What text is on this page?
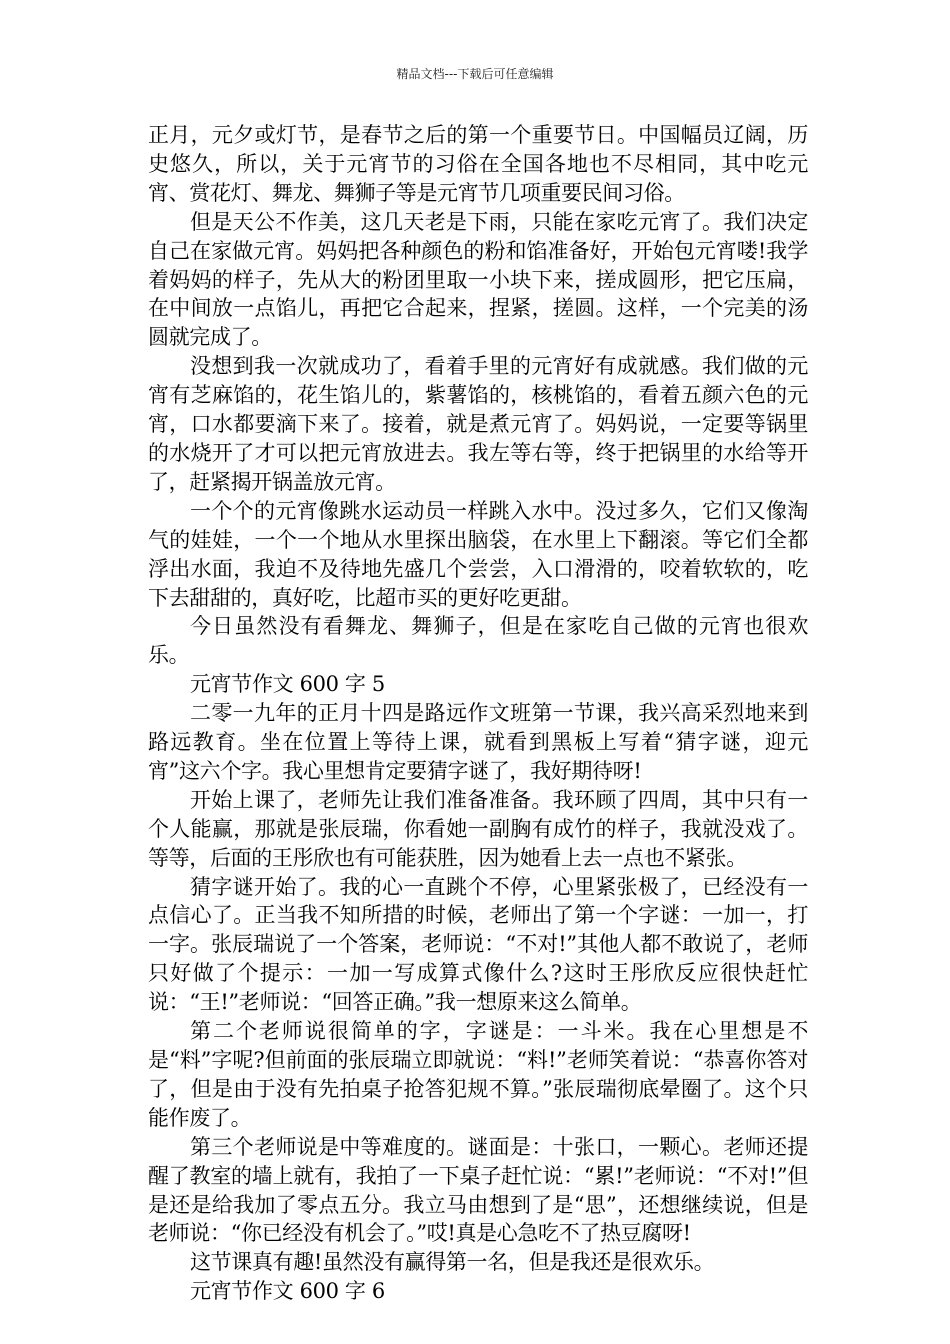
精品文档---下载后可任意编辑

正月，元夕或灯节，是春节之后的第一个重要节日。中国幅员辽阔，历史悠久，所以，关于元宵节的习俗在全国各地也不尽相同，其中吃元宵、赏花灯、舞龙、舞狮子等是元宵节几项重要民间习俗。

但是天公不作美，这几天老是下雨，只能在家吃元宵了。我们决定自己在家做元宵。妈妈把各种颜色的粉和馅准备好，开始包元宵喽!我学着妈妈的样子，先从大的粉团里取一小块下来，搓成圆形，把它压扁，在中间放一点馅儿，再把它合起来，捏紧，搓圆。这样，一个完美的汤圆就完成了。

没想到我一次就成功了，看着手里的元宵好有成就感。我们做的元宵有芝麻馅的，花生馅儿的，紫薯馅的，核桃馅的，看着五颜六色的元宵，口水都要滴下来了。接着，就是煮元宵了。妈妈说，一定要等锅里的水烧开了才可以把元宵放进去。我左等右等，终于把锅里的水给等开了，赶紧揭开锅盖放元宵。

一个个的元宵像跳水运动员一样跳入水中。没过多久，它们又像淘气的娃娃，一个一个地从水里探出脑袋，在水里上下翻滚。等它们全都浮出水面，我迫不及待地先盛几个尝尝，入口滑滑的，咬着软软的，吃下去甜甜的，真好吃，比超市买的更好吃更甜。

今日虽然没有看舞龙、舞狮子，但是在家吃自己做的元宵也很欢乐。

元宵节作文 600 字 5

二零一九年的正月十四是路远作文班第一节课，我兴高采烈地来到路远教育。坐在位置上等待上课，就看到黑板上写着“猜字谜，迎元宵”这六个字。我心里想肯定要猜字谜了，我好期待呀!

开始上课了，老师先让我们准备准备。我环顾了四周，其中只有一个人能赢，那就是张辰瑞，你看她一副胸有成竹的样子，我就没戏了。等等，后面的王彤欣也有可能获胜，因为她看上去一点也不紧张。

猜字谜开始了。我的心一直跳个不停，心里紧张极了，已经没有一点信心了。正当我不知所措的时候，老师出了第一个字谜：一加一，打一字。张辰瑞说了一个答案，老师说：“不对!”其他人都不敢说了，老师只好做了个提示：一加一写成算式像什么?这时王彤欣反应很快赶忙说：“王!”老师说：“回答正确。”我一想原来这么简单。

第二个老师说很简单的字，字谜是：一斗米。我在心里想是不是“料”字呢?但前面的张辰瑞立即就说：“料!”老师笑着说：“恭喜你答对了，但是由于没有先拍桌子抢答犯规不算。”张辰瑞彻底晕圈了。这个只能作废了。

第三个老师说是中等难度的。谜面是：十张口，一颗心。老师还提醒了教室的墙上就有，我拍了一下桌子赶忙说：“累!”老师说：“不对!”但是还是给我加了零点五分。我立马由想到了是“思”，还想继续说，但是老师说：“你已经没有机会了。”哎!真是心急吃不了热豆腐呀!

这节课真有趣!虽然没有赢得第一名，但是我还是很欢乐。

元宵节作文 600 字 6
